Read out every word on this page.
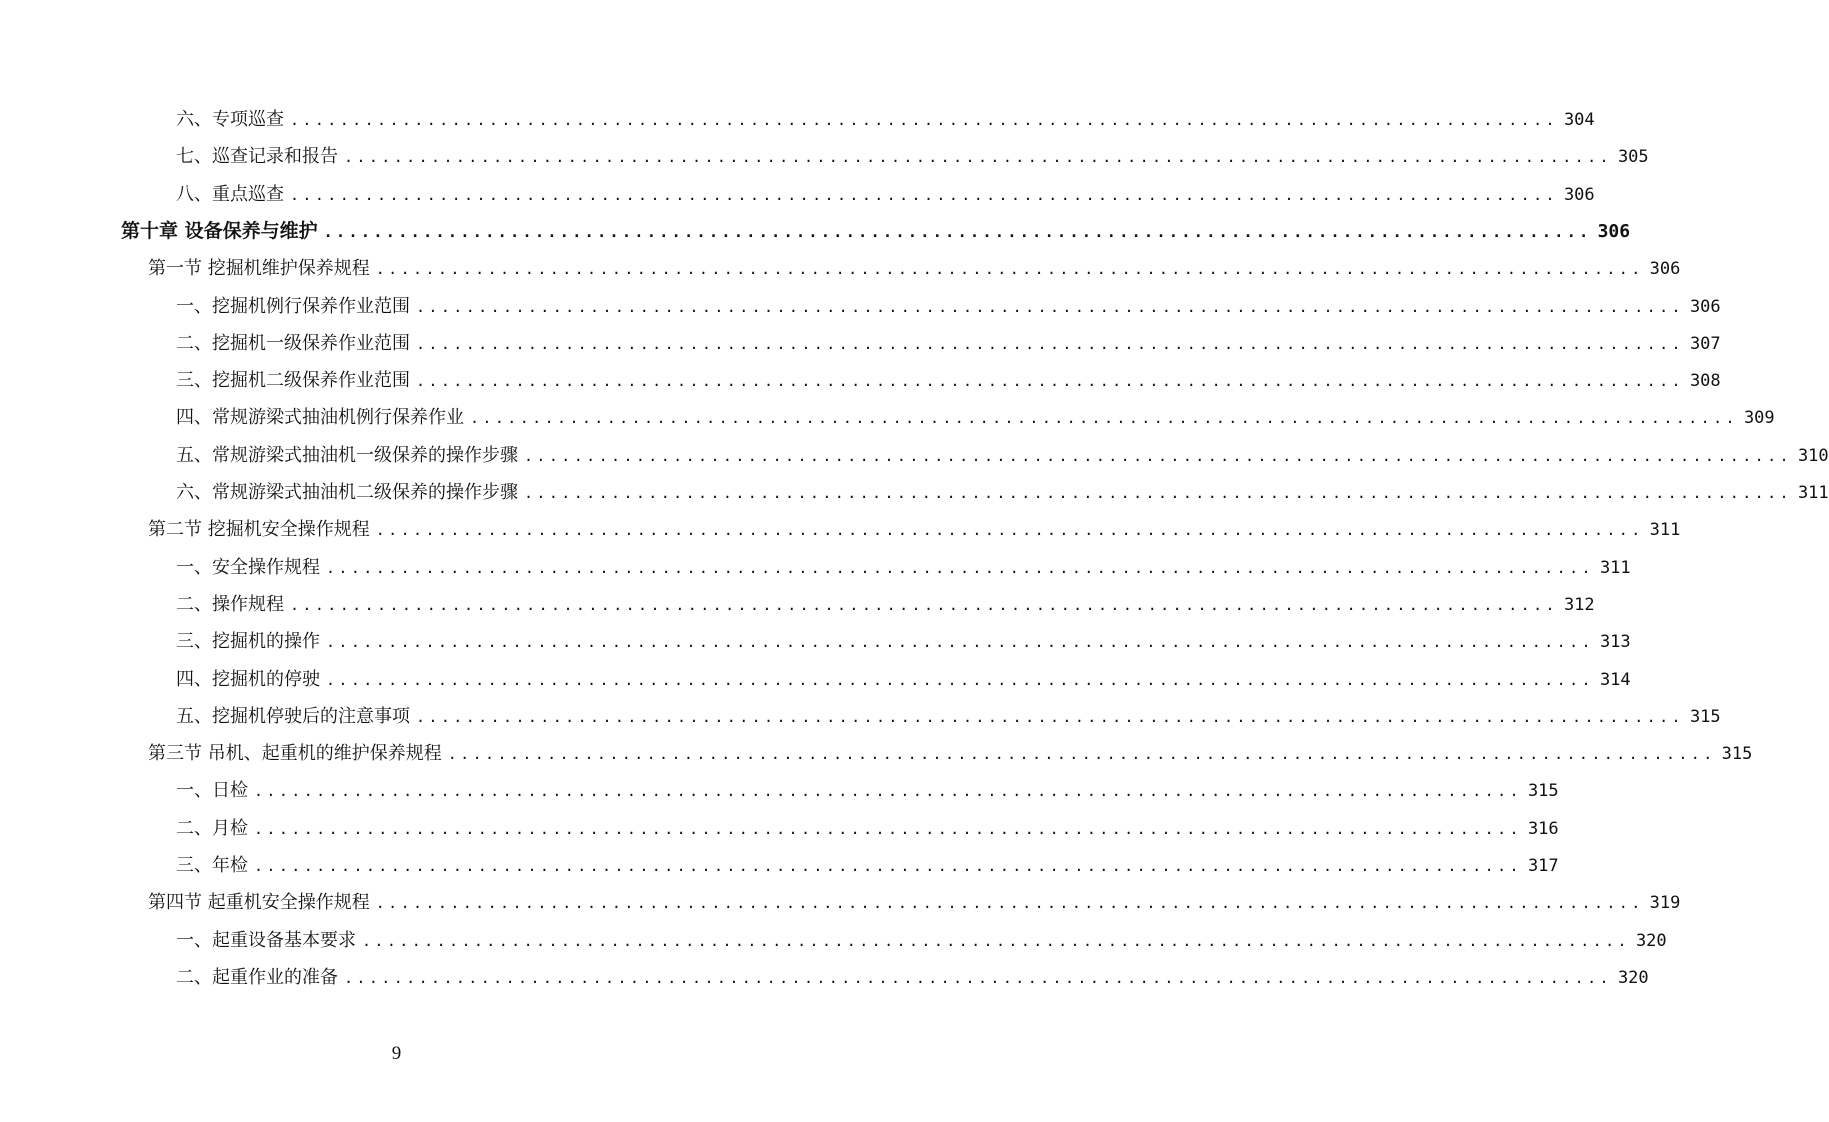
六、专项巡查 ...................................................................................................... 304
七、巡查记录和报告 ...................................................................................................... 305
八、重点巡查 ...................................................................................................... 306
第十章 设备保养与维护 ...................................................................................................... 306
第一节 挖掘机维护保养规程 ...................................................................................................... 306
一、挖掘机例行保养作业范围 ...................................................................................................... 306
二、挖掘机一级保养作业范围 ...................................................................................................... 307
三、挖掘机二级保养作业范围 ...................................................................................................... 308
四、常规游梁式抽油机例行保养作业 ...................................................................................................... 309
五、常规游梁式抽油机一级保养的操作步骤 ...................................................................................................... 310
六、常规游梁式抽油机二级保养的操作步骤 ...................................................................................................... 311
第二节 挖掘机安全操作规程 ...................................................................................................... 311
一、安全操作规程 ...................................................................................................... 311
二、操作规程 ...................................................................................................... 312
三、挖掘机的操作 ...................................................................................................... 313
四、挖掘机的停驶 ...................................................................................................... 314
五、挖掘机停驶后的注意事项 ...................................................................................................... 315
第三节 吊机、起重机的维护保养规程 ...................................................................................................... 315
一、日检 ...................................................................................................... 315
二、月检 ...................................................................................................... 316
三、年检 ...................................................................................................... 317
第四节 起重机安全操作规程 ...................................................................................................... 319
一、起重设备基本要求 ...................................................................................................... 320
二、起重作业的准备 ...................................................................................................... 320
9
